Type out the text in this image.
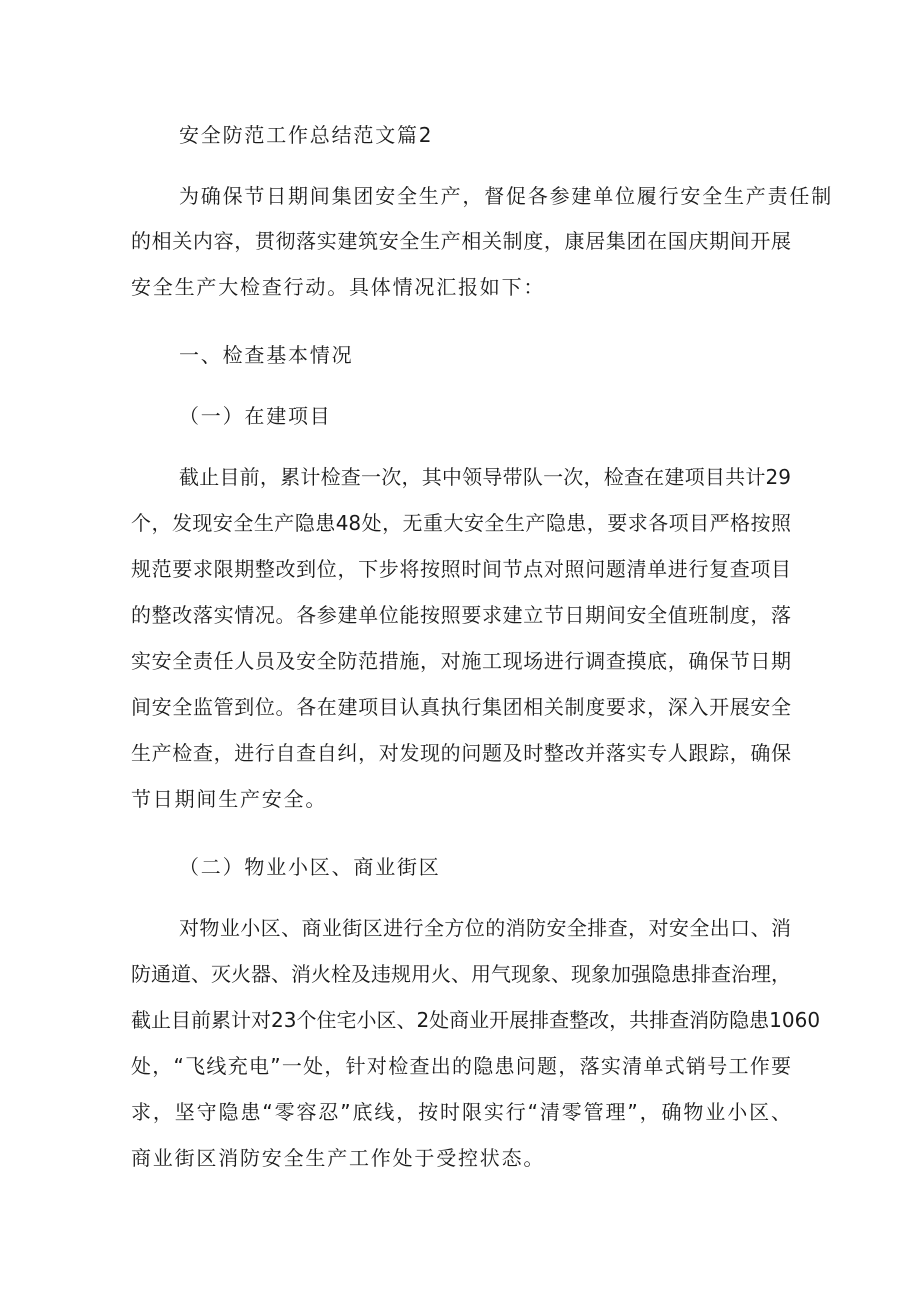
安全防范工作总结范文篇2
为确保节日期间集团安全生产，督促各参建单位履行安全生产责任制
的相关内容，贯彻落实建筑安全生产相关制度，康居集团在国庆期间开展
安全生产大检查行动。具体情况汇报如下：
一、检查基本情况
（一）在建项目
截止目前，累计检查一次，其中领导带队一次，检查在建项目共计29
个，发现安全生产隐患48处，无重大安全生产隐患，要求各项目严格按照
规范要求限期整改到位，下步将按照时间节点对照问题清单进行复查项目
的整改落实情况。各参建单位能按照要求建立节日期间安全值班制度，落
实安全责任人员及安全防范措施，对施工现场进行调查摸底，确保节日期
间安全监管到位。各在建项目认真执行集团相关制度要求，深入开展安全
生产检查，进行自查自纠，对发现的问题及时整改并落实专人跟踪，确保
节日期间生产安全。
（二）物业小区、商业街区
对物业小区、商业街区进行全方位的消防安全排查，对安全出口、消
防通道、灭火器、消火栓及违规用火、用气现象、现象加强隐患排查治理，
截止目前累计对23个住宅小区、2处商业开展排查整改，共排查消防隐患1060
处，“飞线充电”一处，针对检查出的隐患问题，落实清单式销号工作要
求，坚守隐患“零容忍”底线，按时限实行“清零管理”，确物业小区、
商业街区消防安全生产工作处于受控状态。
